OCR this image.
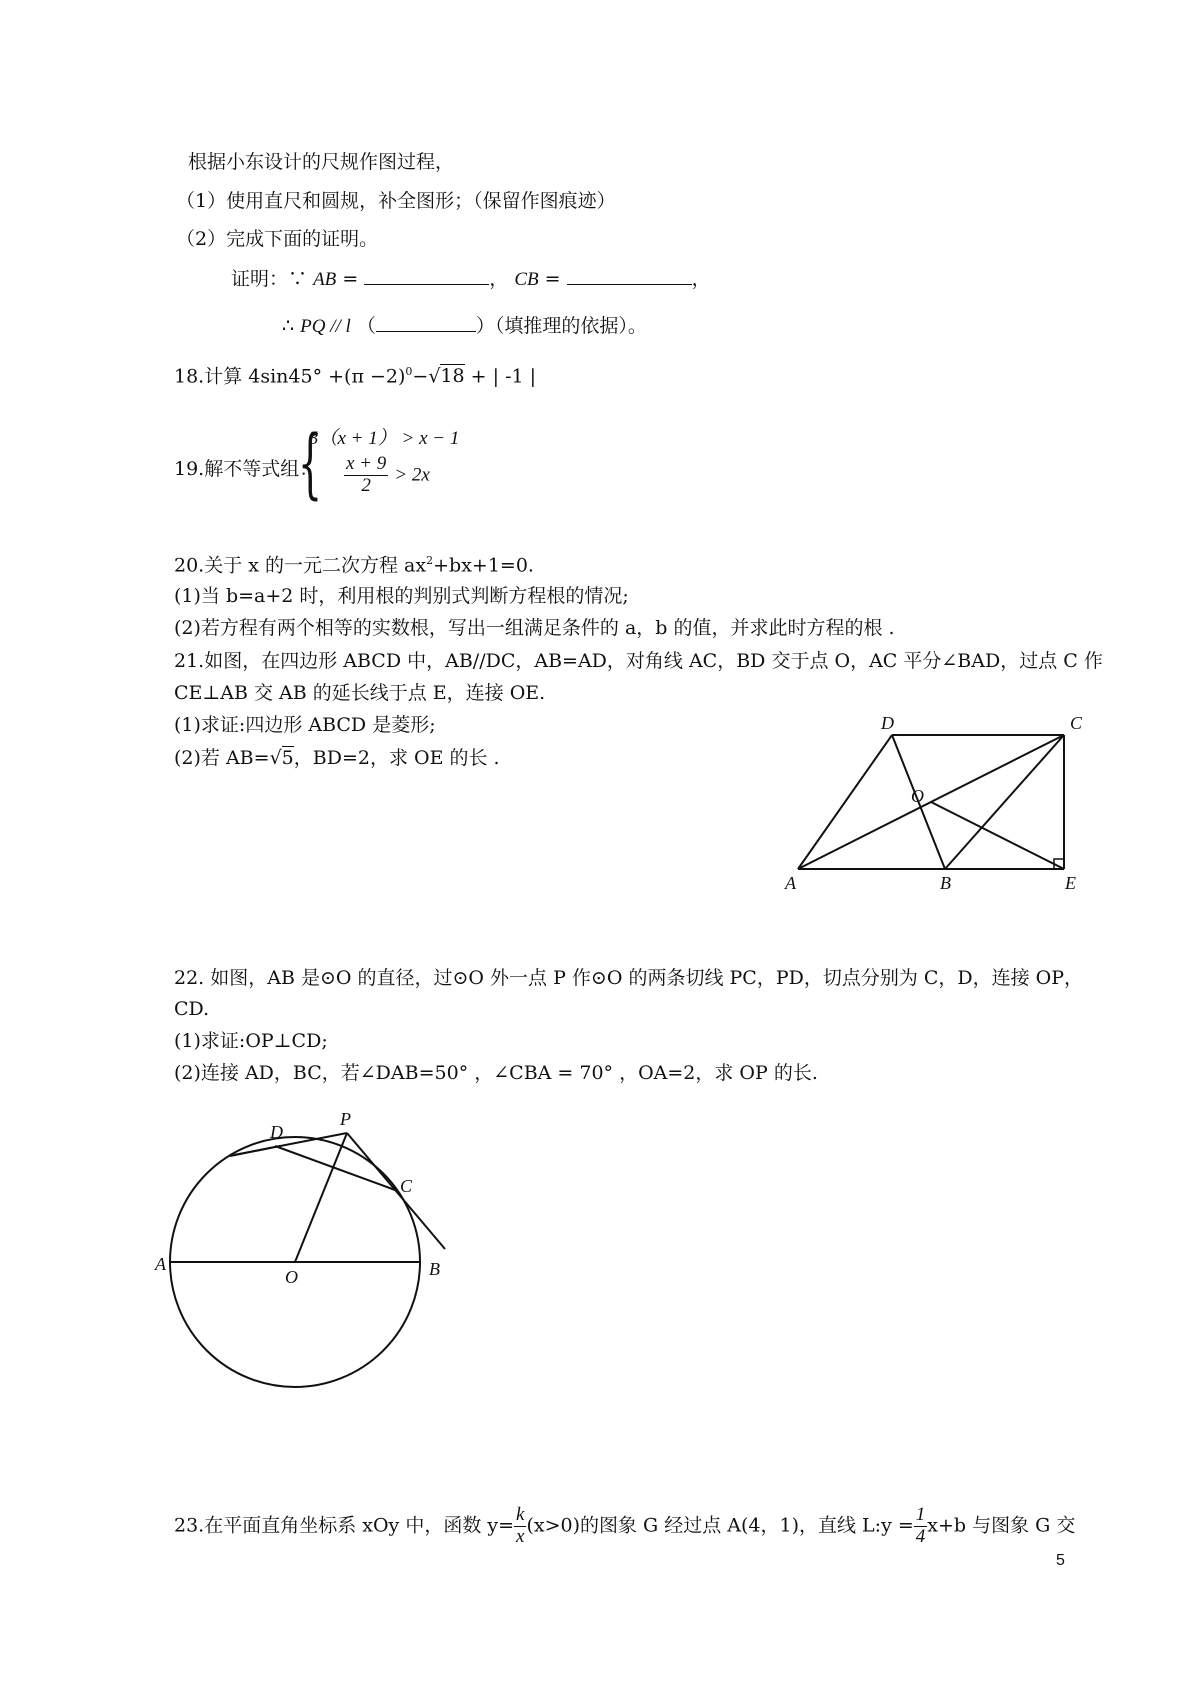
根据小东设计的尺规作图过程，
（1）使用直尺和圆规，补全图形；（保留作图痕迹）
（2）完成下面的证明。
证明：∵ AB =	， CB =	，
∴ PQ // l （	）（填推理的依据）。
18.计算 $4\sin 45^\circ +(\pi -2)^0-√18$ + | -1 |
19.解不等式组：
{
3（x + 1） > x − 1
$\frac{x + 9}{2} > 2x$
20.关于 x 的一元二次方程 $ax^2+bx+1=0$.
(1)当 b=a+2 时，利用根的判别式判断方程根的情况;
(2)若方程有两个相等的实数根，写出一组满足条件的 a，b 的值，并求此时方程的根 .
21.如图，在四边形 ABCD 中，AB//DC，AB=AD，对角线 AC，BD 交于点 O，AC 平分∠BAD，过点 C 作
CE⊥AB 交 AB 的延长线于点 E，连接 OE.
(1)求证:四边形 ABCD 是菱形;
(2)若 AB=√5，BD=2，求 OE 的长 .
D	C
O
A	B	E
22. 如图，AB 是⊙O 的直径，过⊙O 外一点 P 作⊙O 的两条切线 PC，PD，切点分别为 C，D，连接 OP，
CD.
(1)求证:OP⊥CD;
(2)连接 AD，BC，若∠DAB=50° ，∠CBA = 70° ，OA=2，求 OP 的长.
P
D
C
A
O	B
23.在平面直角坐标系 xOy 中，函数 $y= \frac{k}{x} (x>0)$的图象 G 经过点 A(4，1)，直线 L:y = $\frac{1}{4} x+b$ 与图象 G 交
5
